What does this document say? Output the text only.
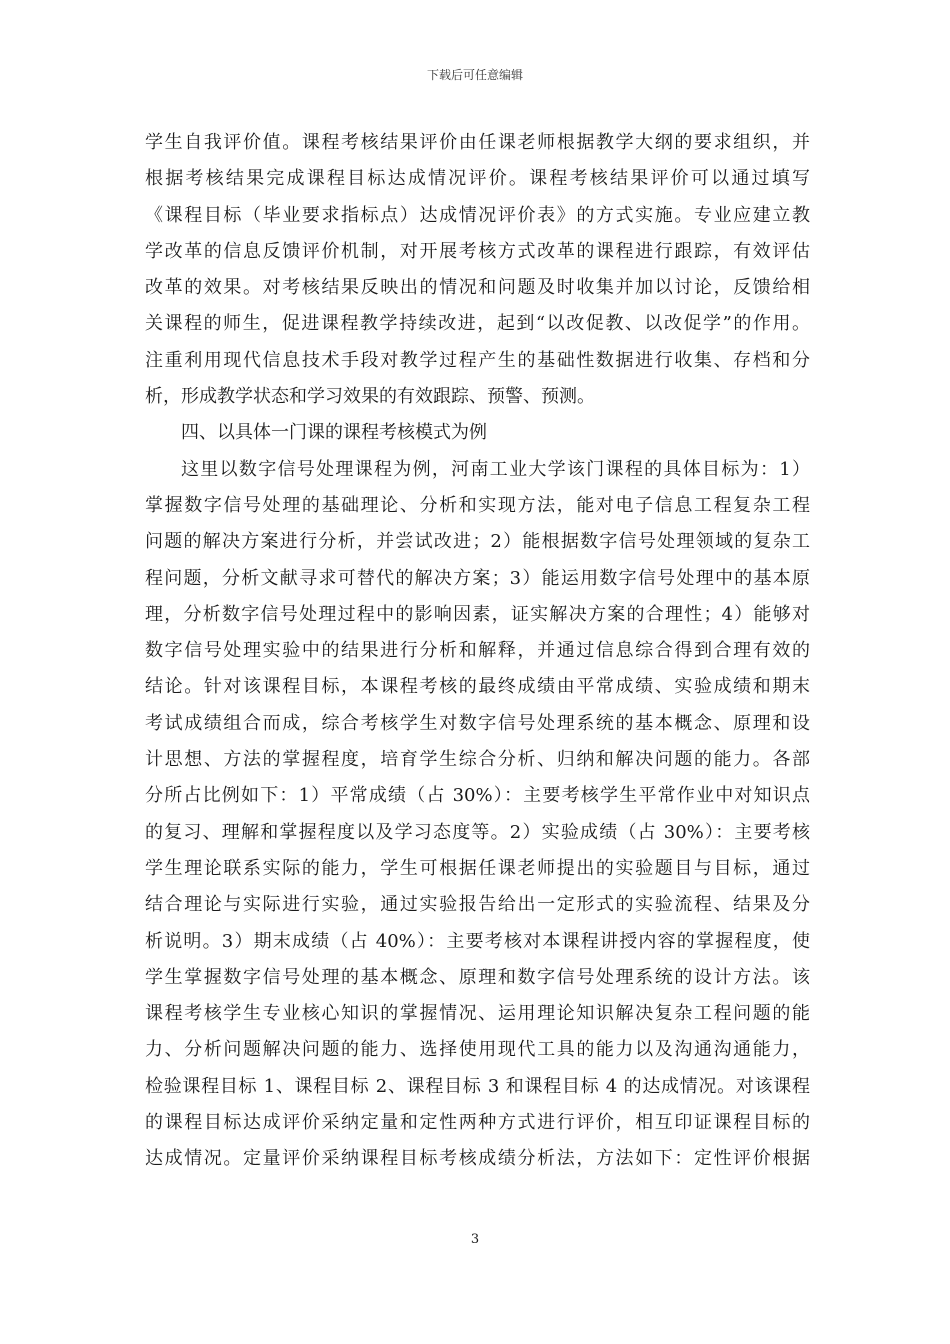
下载后可任意编辑
学生自我评价值。课程考核结果评价由任课老师根据教学大纲的要求组织，并
根据考核结果完成课程目标达成情况评价。课程考核结果评价可以通过填写
《课程目标（毕业要求指标点）达成情况评价表》的方式实施。专业应建立教
学改革的信息反馈评价机制，对开展考核方式改革的课程进行跟踪，有效评估
改革的效果。对考核结果反映出的情况和问题及时收集并加以讨论，反馈给相
关课程的师生，促进课程教学持续改进，起到“以改促教、以改促学”的作用。
注重利用现代信息技术手段对教学过程产生的基础性数据进行收集、存档和分
析，形成教学状态和学习效果的有效跟踪、预警、预测。
四、以具体一门课的课程考核模式为例
这里以数字信号处理课程为例，河南工业大学该门课程的具体目标为：1）
掌握数字信号处理的基础理论、分析和实现方法，能对电子信息工程复杂工程
问题的解决方案进行分析，并尝试改进；2）能根据数字信号处理领域的复杂工
程问题，分析文献寻求可替代的解决方案；3）能运用数字信号处理中的基本原
理，分析数字信号处理过程中的影响因素，证实解决方案的合理性；4）能够对
数字信号处理实验中的结果进行分析和解释，并通过信息综合得到合理有效的
结论。针对该课程目标，本课程考核的最终成绩由平常成绩、实验成绩和期末
考试成绩组合而成，综合考核学生对数字信号处理系统的基本概念、原理和设
计思想、方法的掌握程度，培育学生综合分析、归纳和解决问题的能力。各部
分所占比例如下：1）平常成绩（占 30%）：主要考核学生平常作业中对知识点
的复习、理解和掌握程度以及学习态度等。2）实验成绩（占 30%）：主要考核
学生理论联系实际的能力，学生可根据任课老师提出的实验题目与目标，通过
结合理论与实际进行实验，通过实验报告给出一定形式的实验流程、结果及分
析说明。3）期末成绩（占 40%）：主要考核对本课程讲授内容的掌握程度，使
学生掌握数字信号处理的基本概念、原理和数字信号处理系统的设计方法。该
课程考核学生专业核心知识的掌握情况、运用理论知识解决复杂工程问题的能
力、分析问题解决问题的能力、选择使用现代工具的能力以及沟通沟通能力，
检验课程目标 1、课程目标 2、课程目标 3 和课程目标 4 的达成情况。对该课程
的课程目标达成评价采纳定量和定性两种方式进行评价，相互印证课程目标的
达成情况。定量评价采纳课程目标考核成绩分析法，方法如下：定性评价根据
3
